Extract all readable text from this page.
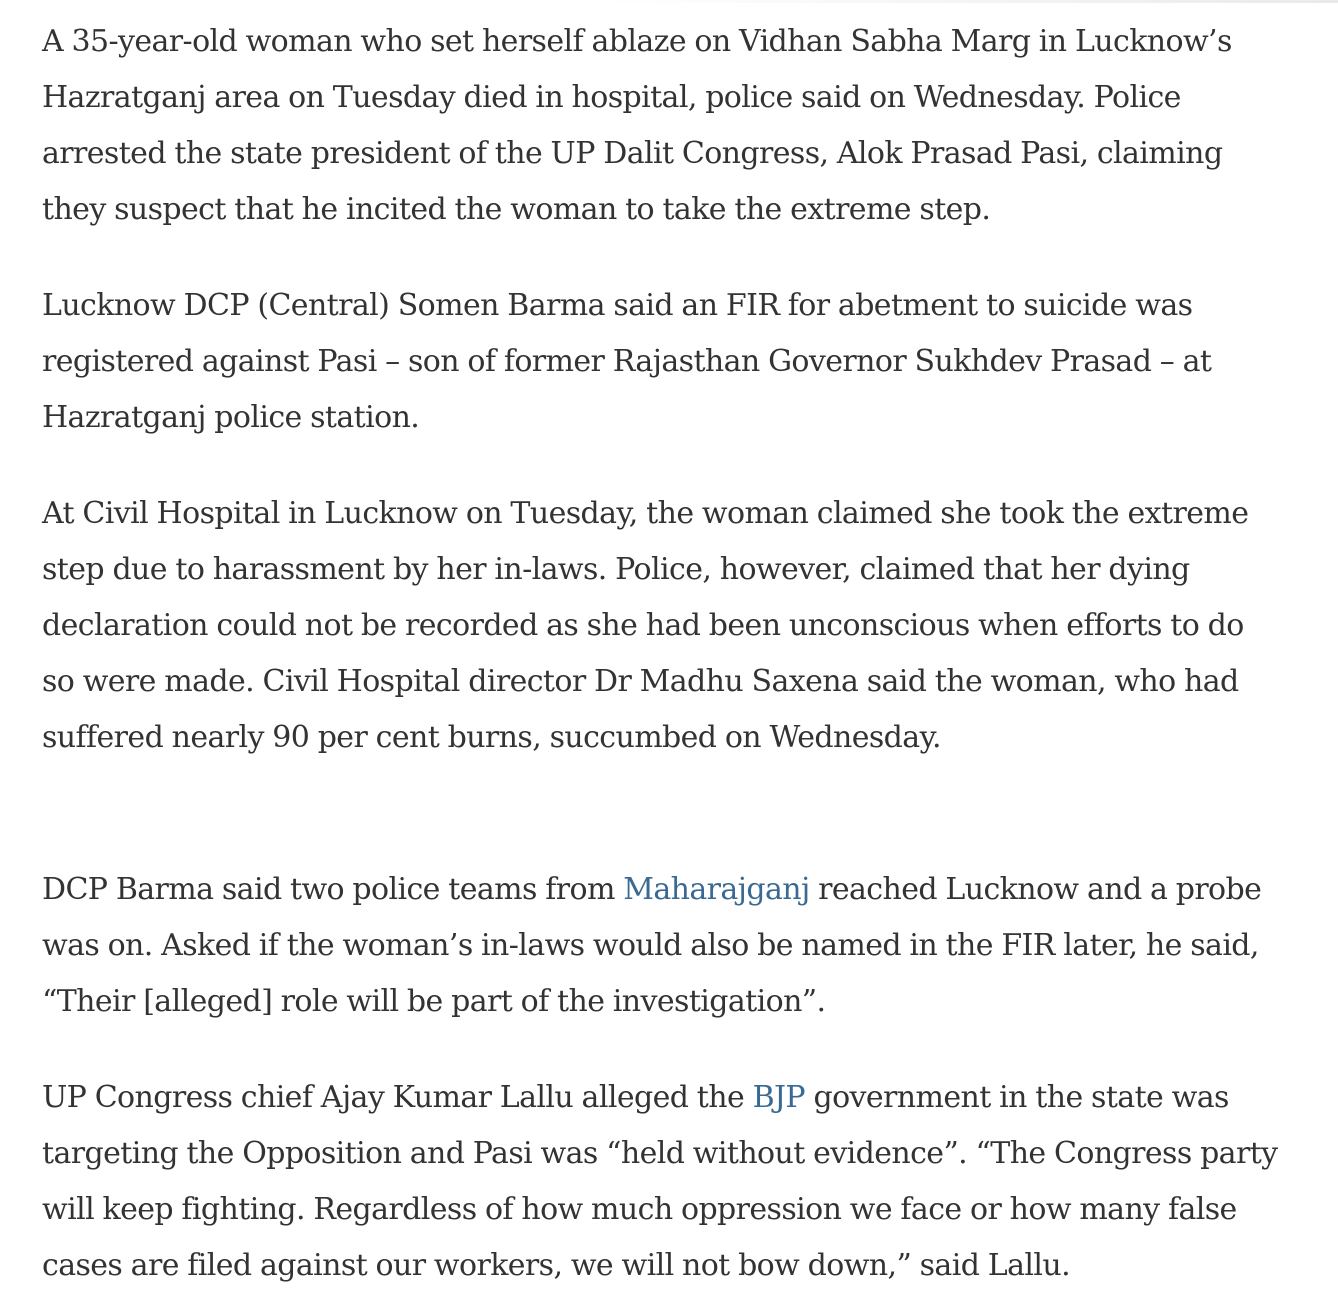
A 35-year-old woman who set herself ablaze on Vidhan Sabha Marg in Lucknow’s
Hazratganj area on Tuesday died in hospital, police said on Wednesday. Police
arrested the state president of the UP Dalit Congress, Alok Prasad Pasi, claiming
they suspect that he incited the woman to take the extreme step.

Lucknow DCP (Central) Somen Barma said an FIR for abetment to suicide was
registered against Pasi – son of former Rajasthan Governor Sukhdev Prasad – at
Hazratganj police station.

At Civil Hospital in Lucknow on Tuesday, the woman claimed she took the extreme
step due to harassment by her in-laws. Police, however, claimed that her dying
declaration could not be recorded as she had been unconscious when efforts to do
so were made. Civil Hospital director Dr Madhu Saxena said the woman, who had
suffered nearly 90 per cent burns, succumbed on Wednesday.

DCP Barma said two police teams from Maharajganj reached Lucknow and a probe
was on. Asked if the woman’s in-laws would also be named in the FIR later, he said,
“Their [alleged] role will be part of the investigation”.

UP Congress chief Ajay Kumar Lallu alleged the BJP government in the state was
targeting the Opposition and Pasi was “held without evidence”. “The Congress party
will keep fighting. Regardless of how much oppression we face or how many false
cases are filed against our workers, we will not bow down,” said Lallu.
